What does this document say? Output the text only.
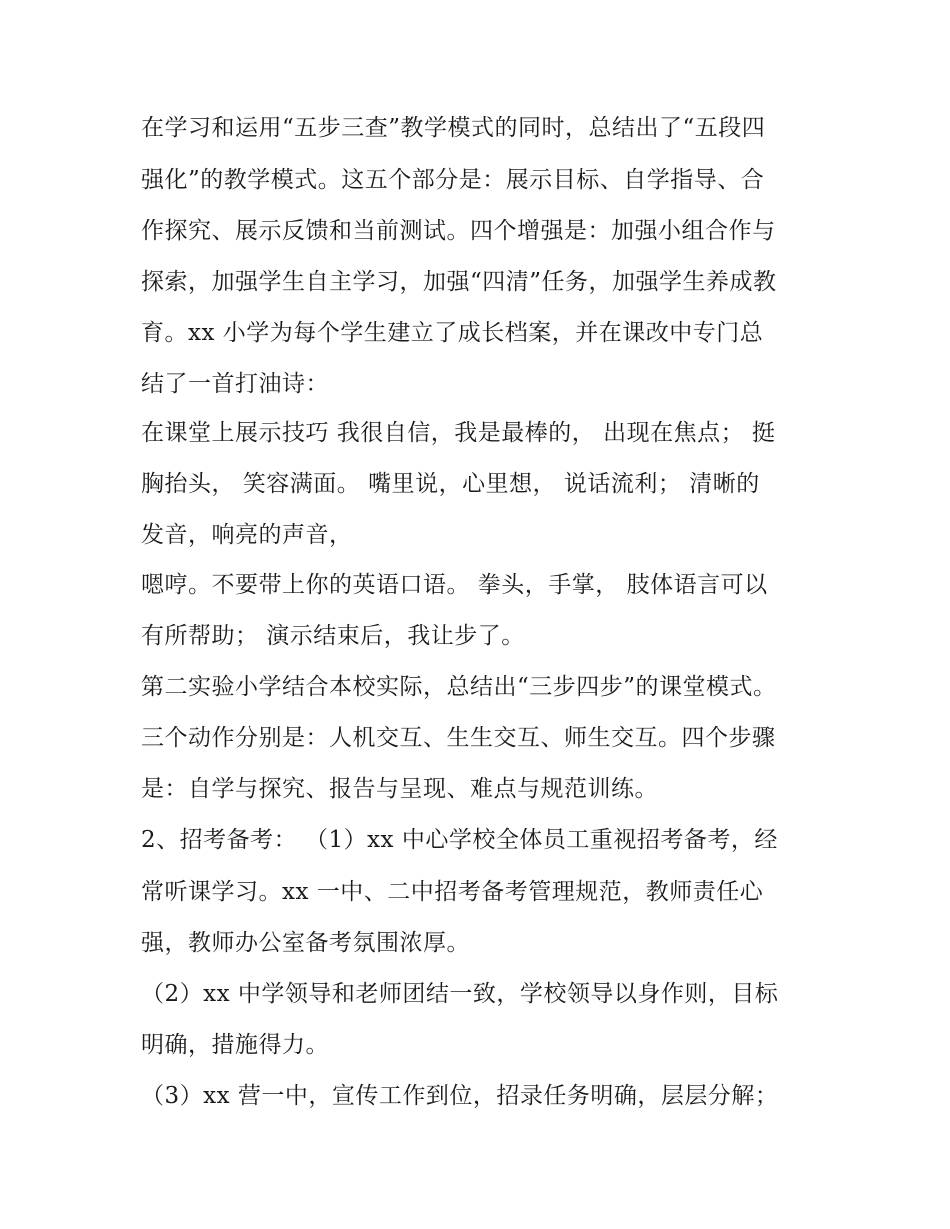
在学习和运用“五步三查”教学模式的同时，总结出了“五段四
强化”的教学模式。这五个部分是：展示目标、自学指导、合
作探究、展示反馈和当前测试。四个增强是：加强小组合作与
探索，加强学生自主学习，加强“四清”任务，加强学生养成教
育。xx 小学为每个学生建立了成长档案，并在课改中专门总
结了一首打油诗：
在课堂上展示技巧 我很自信，我是最棒的， 出现在焦点； 挺
胸抬头， 笑容满面。 嘴里说，心里想， 说话流利； 清晰的
发音，响亮的声音，
嗯哼。不要带上你的英语口语。 拳头，手掌， 肢体语言可以
有所帮助； 演示结束后，我让步了。
第二实验小学结合本校实际，总结出“三步四步”的课堂模式。
三个动作分别是：人机交互、生生交互、师生交互。四个步骤
是：自学与探究、报告与呈现、难点与规范训练。
2、招考备考： （1）xx 中心学校全体员工重视招考备考，经
常听课学习。xx 一中、二中招考备考管理规范，教师责任心
强，教师办公室备考氛围浓厚。
（2）xx 中学领导和老师团结一致，学校领导以身作则，目标
明确，措施得力。
（3）xx 营一中，宣传工作到位，招录任务明确，层层分解；
